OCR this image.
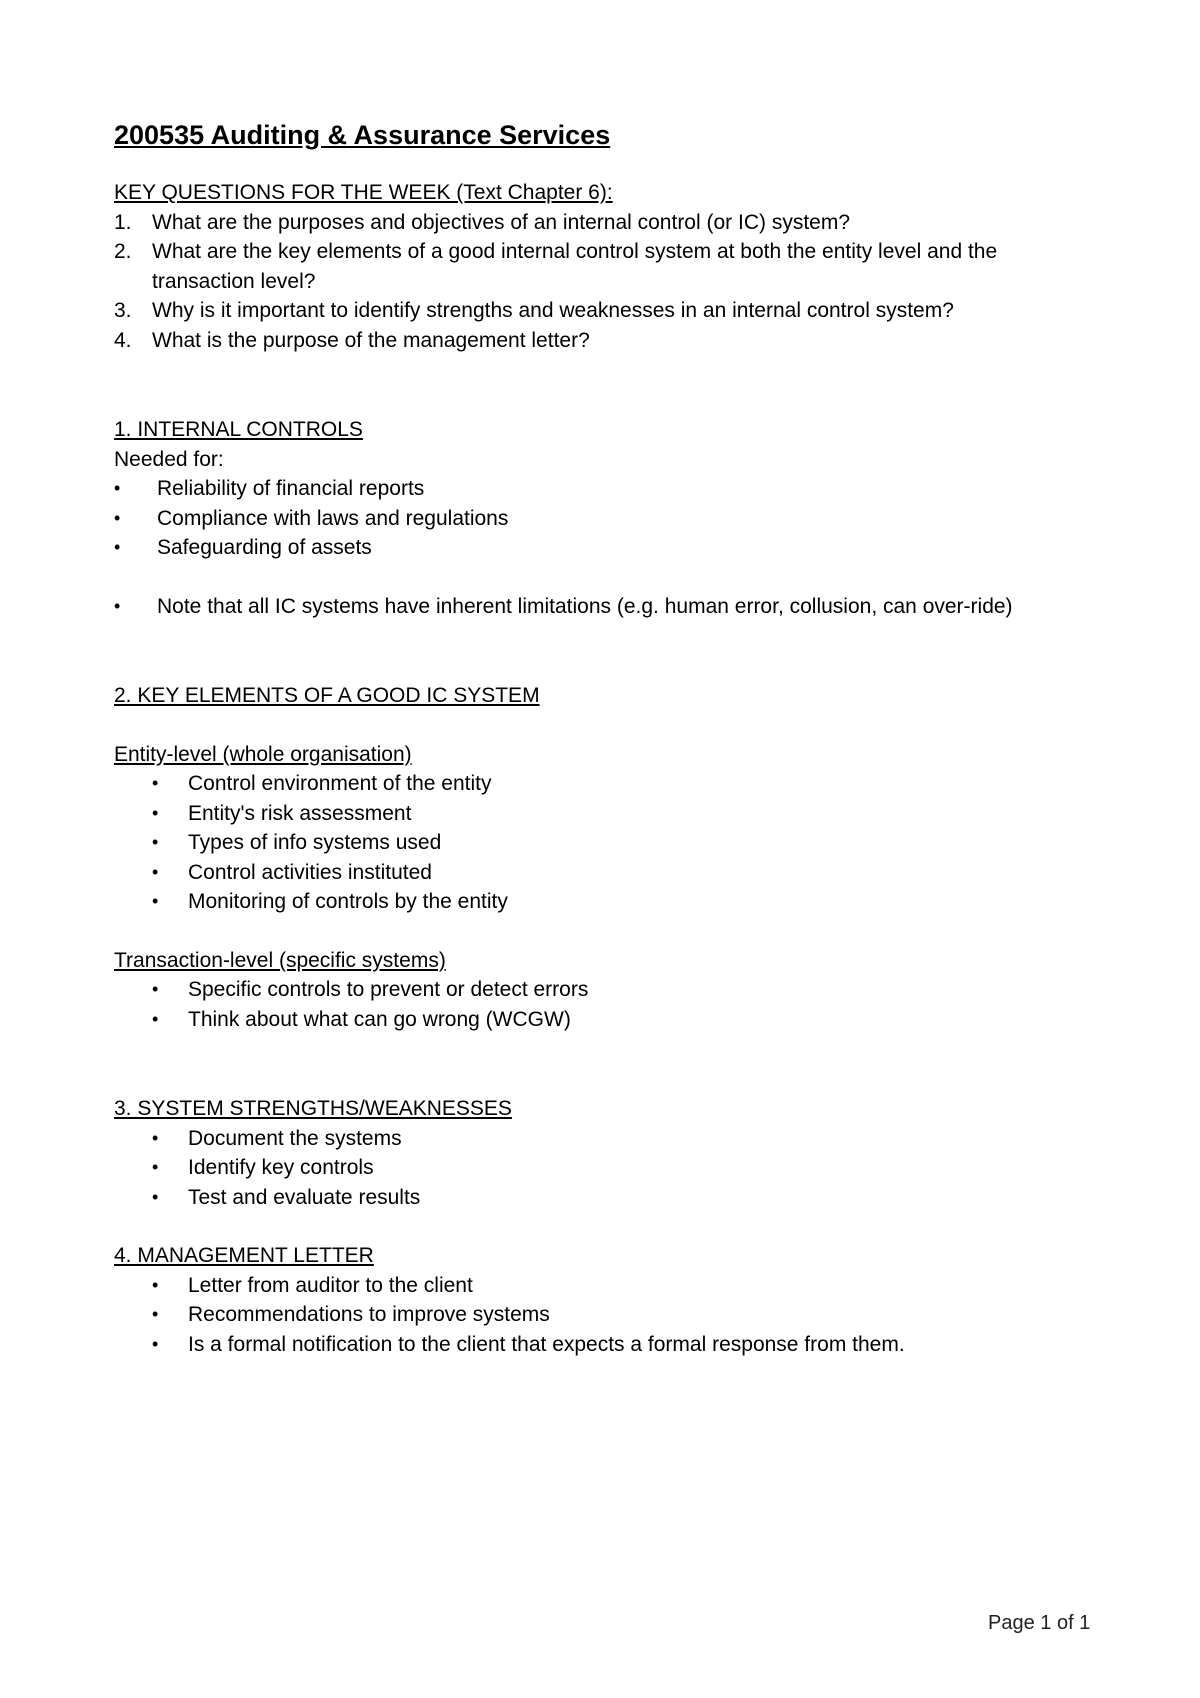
200535 Auditing & Assurance Services

KEY QUESTIONS FOR THE WEEK (Text Chapter 6):

1. What are the purposes and objectives of an internal control (or IC) system?
2. What are the key elements of a good internal control system at both the entity level and the transaction level?
3. Why is it important to identify strengths and weaknesses in an internal control system?
4. What is the purpose of the management letter?

1. INTERNAL CONTROLS

Needed for:

• Reliability of financial reports
• Compliance with laws and regulations
• Safeguarding of assets
• Note that all IC systems have inherent limitations (e.g. human error, collusion, can over-ride)

2. KEY ELEMENTS OF A GOOD IC SYSTEM

Entity-level (whole organisation)

• Control environment of the entity
• Entity's risk assessment
• Types of info systems used
• Control activities instituted
• Monitoring of controls by the entity

Transaction-level (specific systems)

• Specific controls to prevent or detect errors
• Think about what can go wrong (WCGW)

3. SYSTEM STRENGTHS/WEAKNESSES

• Document the systems
• Identify key controls
• Test and evaluate results

4. MANAGEMENT LETTER

• Letter from auditor to the client
• Recommendations to improve systems
• Is a formal notification to the client that expects a formal response from them.
Page 1 of 1
